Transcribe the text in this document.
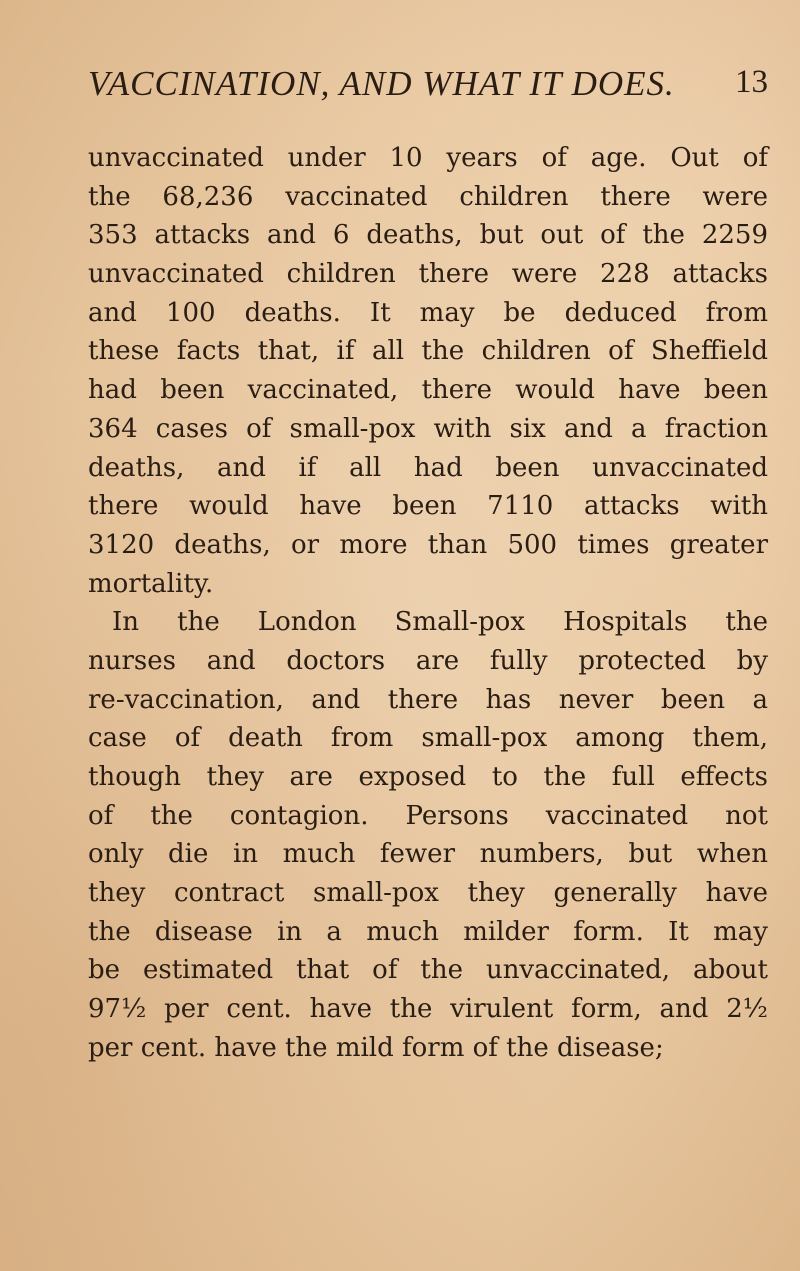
VACCINATION, AND WHAT IT DOES. 13
unvaccinated under 10 years of age. Out of
the 68,236 vaccinated children there were
353 attacks and 6 deaths, but out of the 2259
unvaccinated children there were 228 attacks
and 100 deaths. It may be deduced from
these facts that, if all the children of Sheffield
had been vaccinated, there would have been
364 cases of small-pox with six and a fraction
deaths, and if all had been unvaccinated
there would have been 7110 attacks with
3120 deaths, or more than 500 times greater
mortality.
In the London Small-pox Hospitals the
nurses and doctors are fully protected by
re-vaccination, and there has never been a
case of death from small-pox among them,
though they are exposed to the full effects
of the contagion. Persons vaccinated not
only die in much fewer numbers, but when
they contract small-pox they generally have
the disease in a much milder form. It may
be estimated that of the unvaccinated, about
97½ per cent. have the virulent form, and 2½
per cent. have the mild form of the disease;
